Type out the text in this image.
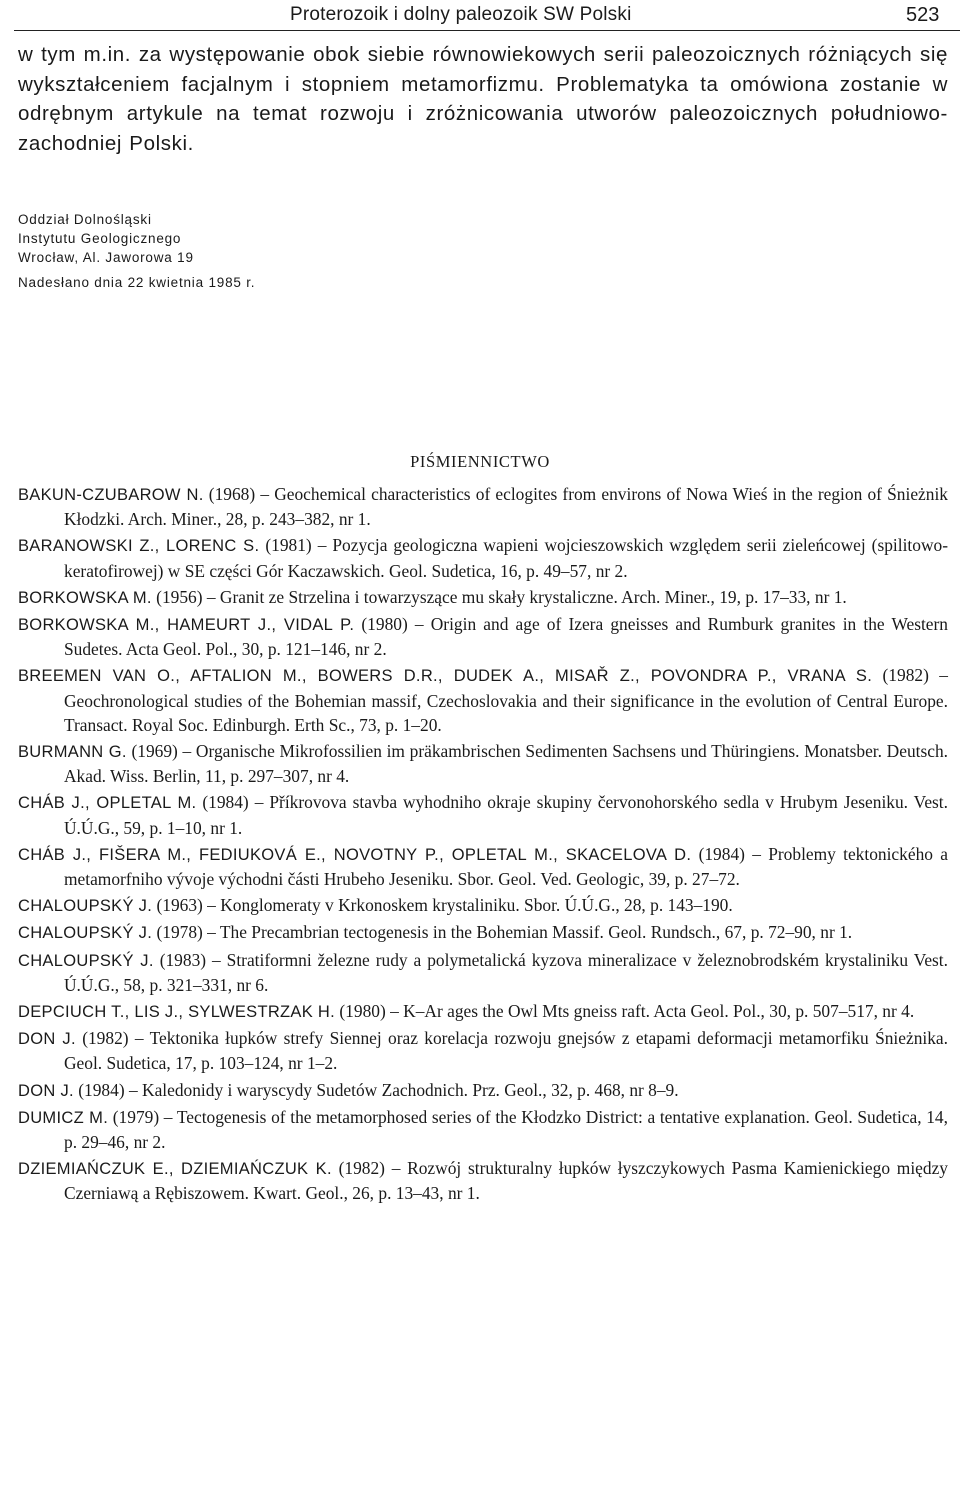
Proterozoik i dolny paleozoik SW Polski	523

w tym m.in. za występowanie obok siebie równowiekowych serii paleozoicznych różniących się wykształceniem facjalnym i stopniem metamorfizmu. Problematyka ta omówiona zostanie w odrębnym artykule na temat rozwoju i zróżnicowania utworów paleozoicznych południowo-zachodniej Polski.

Oddział Dolnośląski
Instytutu Geologicznego
Wrocław, Al. Jaworowa 19
Nadesłano dnia 22 kwietnia 1985 r.
PIŚMIENNICTWO

BAKUN-CZUBAROW N. (1968) – Geochemical characteristics of eclogites from environs of Nowa Wieś in the region of Śnieżnik Kłodzki. Arch. Miner., 28, p. 243–382, nr 1.

BARANOWSKI Z., LORENC S. (1981) – Pozycja geologiczna wapieni wojcieszowskich względem serii zieleńcowej (spilitowo-keratofirowej) w SE części Gór Kaczawskich. Geol. Sudetica, 16, p. 49–57, nr 2.

BORKOWSKA M. (1956) – Granit ze Strzelina i towarzyszące mu skały krystaliczne. Arch. Miner., 19, p. 17–33, nr 1.

BORKOWSKA M., HAMEURT J., VIDAL P. (1980) – Origin and age of Izera gneisses and Rumburk granites in the Western Sudetes. Acta Geol. Pol., 30, p. 121–146, nr 2.

BREEMEN VAN O., AFTALION M., BOWERS D.R., DUDEK A., MISAŘ Z., POVONDRA P., VRANA S. (1982) – Geochronological studies of the Bohemian massif, Czechoslovakia and their significance in the evolution of Central Europe. Transact. Royal Soc. Edinburgh. Erth Sc., 73, p. 1–20.

BURMANN G. (1969) – Organische Mikrofossilien im präkambrischen Sedimenten Sachsens und Thüringiens. Monatsber. Deutsch. Akad. Wiss. Berlin, 11, p. 297–307, nr 4.

CHÁB J., OPLETAL M. (1984) – Příkrovova stavba wyhodniho okraje skupiny červonohorského sedla v Hrubym Jeseniku. Vest. Ú.Ú.G., 59, p. 1–10, nr 1.

CHÁB J., FIŠERA M., FEDIUKOVÁ E., NOVOTNY P., OPLETAL M., SKACELOVA D. (1984) – Problemy tektonického a metamorfniho vývoje východni části Hrubeho Jeseniku. Sbor. Geol. Ved. Geologic, 39, p. 27–72.

CHALOUPSKÝ J. (1963) – Konglomeraty v Krkonoskem krystaliniku. Sbor. Ú.Ú.G., 28, p. 143–190.

CHALOUPSKÝ J. (1978) – The Precambrian tectogenesis in the Bohemian Massif. Geol. Rundsch., 67, p. 72–90, nr 1.

CHALOUPSKÝ J. (1983) – Stratiformni železne rudy a polymetalická kyzova mineralizace v železnobrodském krystaliniku Vest. Ú.Ú.G., 58, p. 321–331, nr 6.

DEPCIUCH T., LIS J., SYLWESTRZAK H. (1980) – K–Ar ages the Owl Mts gneiss raft. Acta Geol. Pol., 30, p. 507–517, nr 4.

DON J. (1982) – Tektonika łupków strefy Siennej oraz korelacja rozwoju gnejsów z etapami deformacji metamorfiku Śnieżnika. Geol. Sudetica, 17, p. 103–124, nr 1–2.

DON J. (1984) – Kaledonidy i waryscydy Sudetów Zachodnich. Prz. Geol., 32, p. 468, nr 8–9.

DUMICZ M. (1979) – Tectogenesis of the metamorphosed series of the Kłodzko District: a tentative explanation. Geol. Sudetica, 14, p. 29–46, nr 2.

DZIEMIAŃCZUK E., DZIEMIAŃCZUK K. (1982) – Rozwój strukturalny łupków łyszczykowych Pasma Kamienickiego między Czerniawą a Rębiszowem. Kwart. Geol., 26, p. 13–43, nr 1.
